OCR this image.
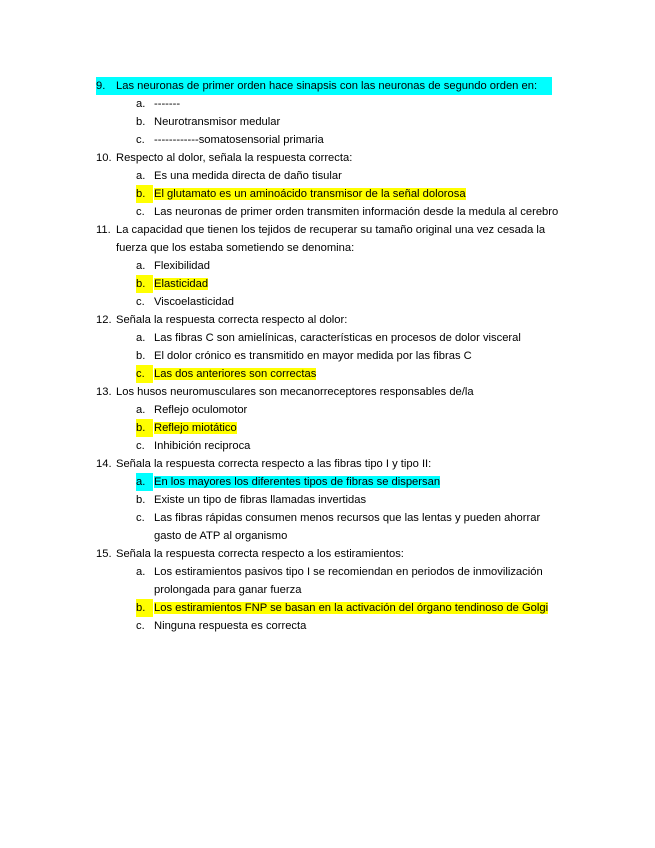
9. Las neuronas de primer orden hace sinapsis con las neuronas de segundo orden en:
a. -------
b. Neurotransmisor medular
c. ------------somatosensorial primaria
10. Respecto al dolor, señala la respuesta correcta:
a. Es una medida directa de daño tisular
b. El glutamato es un aminoácido transmisor de la señal dolorosa
c. Las neuronas de primer orden transmiten información desde la medula al cerebro
11. La capacidad que tienen los tejidos de recuperar su tamaño original una vez cesada la fuerza que los estaba sometiendo se denomina:
a. Flexibilidad
b. Elasticidad
c. Viscoelasticidad
12. Señala la respuesta correcta respecto al dolor:
a. Las fibras C son amielínicas, características en procesos de dolor visceral
b. El dolor crónico es transmitido en mayor medida por las fibras C
c. Las dos anteriores son correctas
13. Los husos neuromusculares son mecanorreceptores responsables de/la
a. Reflejo oculomotor
b. Reflejo miotático
c. Inhibición reciproca
14. Señala la respuesta correcta respecto a las fibras tipo I y tipo II:
a. En los mayores los diferentes tipos de fibras se dispersan
b. Existe un tipo de fibras llamadas invertidas
c. Las fibras rápidas consumen menos recursos que las lentas y pueden ahorrar gasto de ATP al organismo
15. Señala la respuesta correcta respecto a los estiramientos:
a. Los estiramientos pasivos tipo I se recomiendan en periodos de inmovilización prolongada para ganar fuerza
b. Los estiramientos FNP se basan en la activación del órgano tendinoso de Golgi
c. Ninguna respuesta es correcta
